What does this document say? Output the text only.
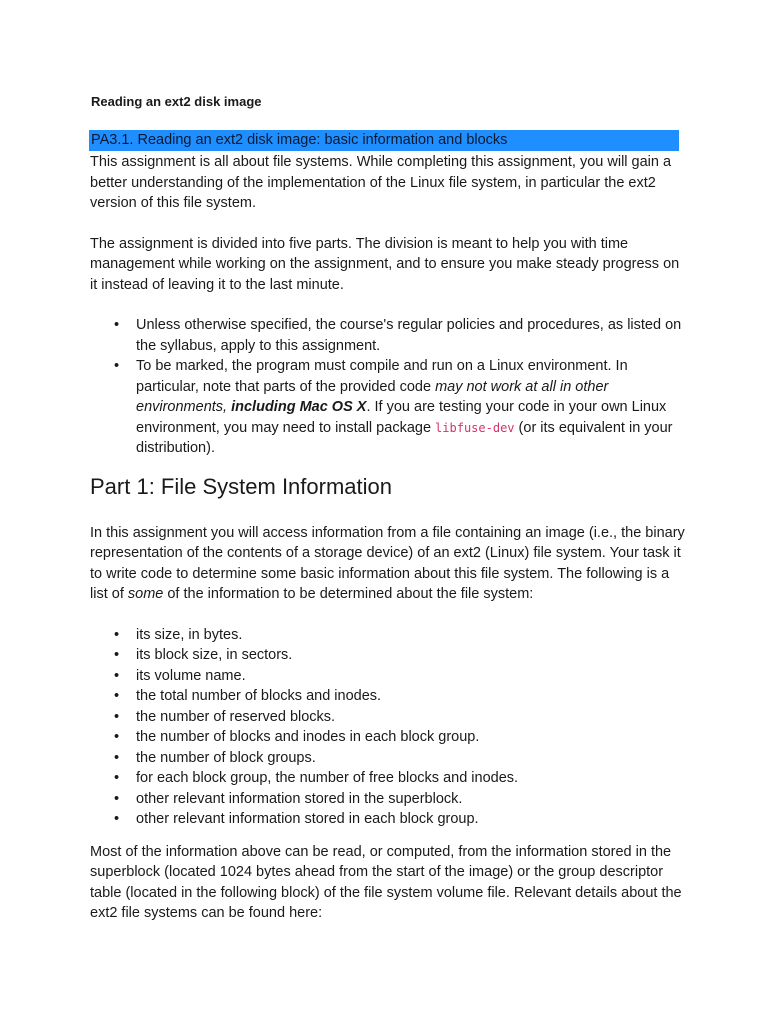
Reading an ext2 disk image
PA3.1. Reading an ext2 disk image: basic information and blocks

This assignment is all about file systems. While completing this assignment, you will gain a better understanding of the implementation of the Linux file system, in particular the ext2 version of this file system.

The assignment is divided into five parts. The division is meant to help you with time management while working on the assignment, and to ensure you make steady progress on it instead of leaving it to the last minute.

• Unless otherwise specified, the course's regular policies and procedures, as listed on the syllabus, apply to this assignment.
• To be marked, the program must compile and run on a Linux environment. In particular, note that parts of the provided code may not work at all in other environments, including Mac OS X. If you are testing your code in your own Linux environment, you may need to install package libfuse-dev (or its equivalent in your distribution).
Part 1: File System Information

In this assignment you will access information from a file containing an image (i.e., the binary representation of the contents of a storage device) of an ext2 (Linux) file system. Your task it to write code to determine some basic information about this file system. The following is a list of some of the information to be determined about the file system:

• its size, in bytes.
• its block size, in sectors.
• its volume name.
• the total number of blocks and inodes.
• the number of reserved blocks.
• the number of blocks and inodes in each block group.
• the number of block groups.
• for each block group, the number of free blocks and inodes.
• other relevant information stored in the superblock.
• other relevant information stored in each block group.

Most of the information above can be read, or computed, from the information stored in the superblock (located 1024 bytes ahead from the start of the image) or the group descriptor table (located in the following block) of the file system volume file. Relevant details about the ext2 file systems can be found here:
